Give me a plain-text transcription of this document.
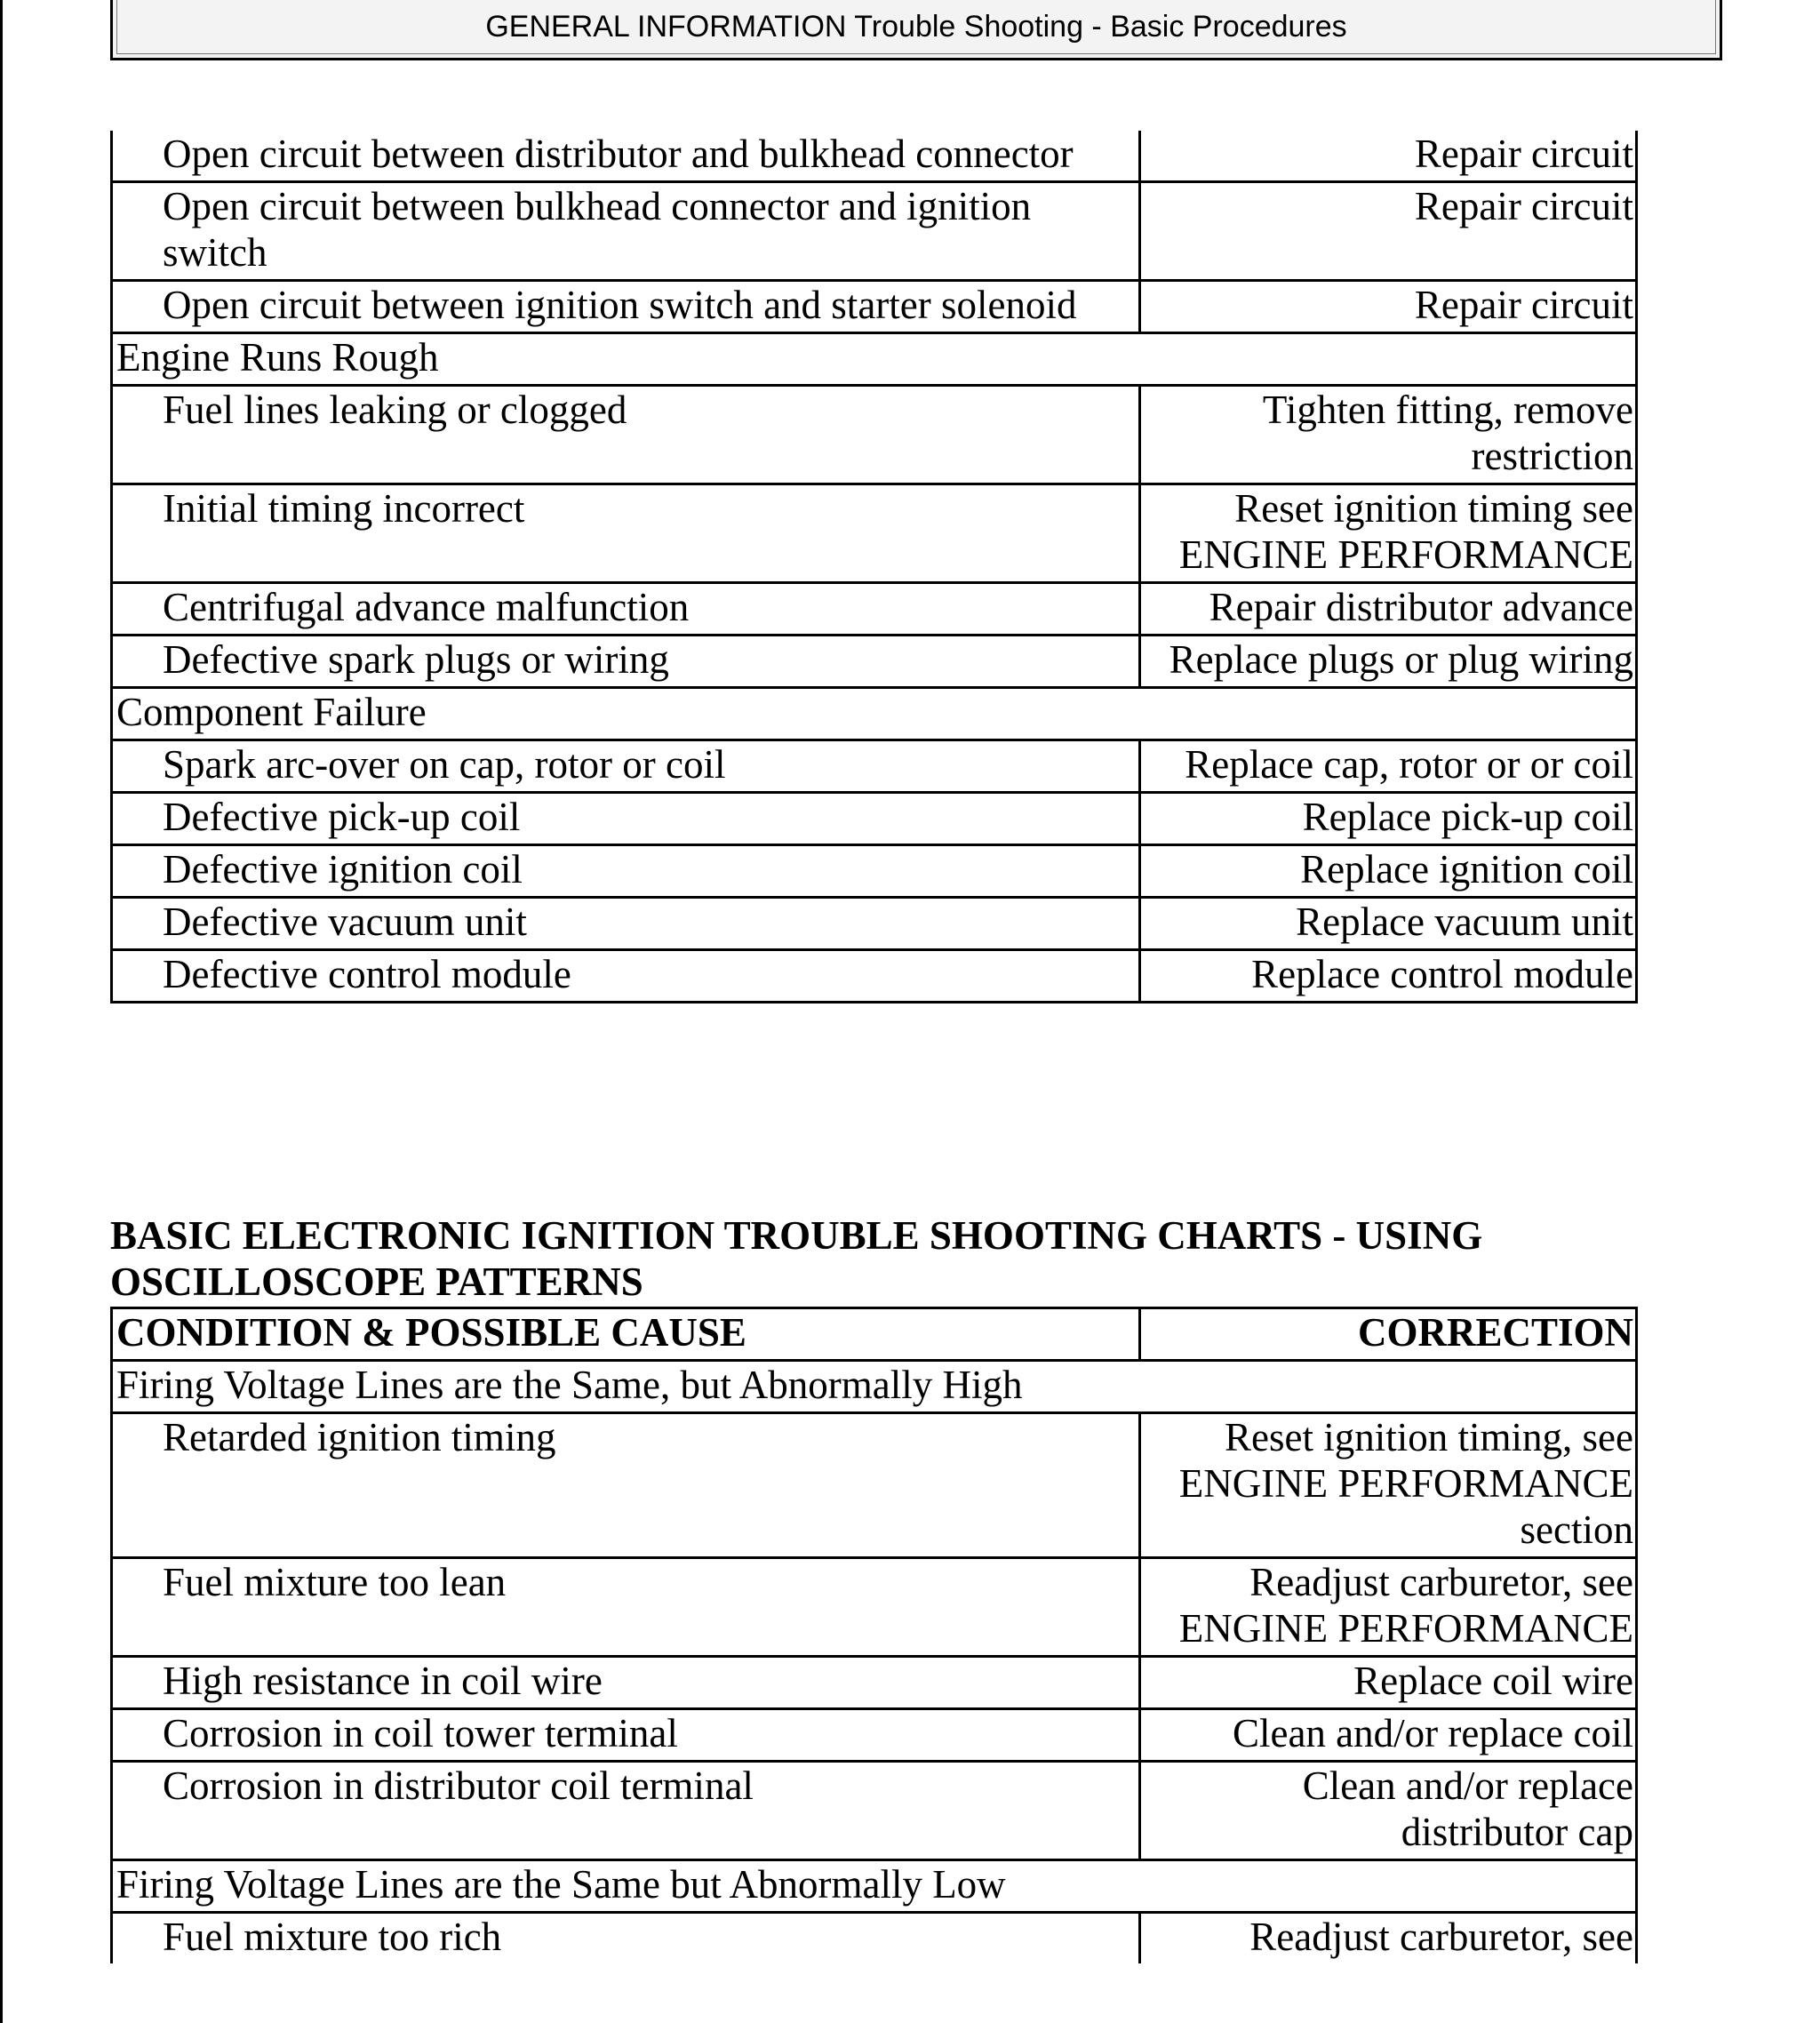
GENERAL INFORMATION Trouble Shooting - Basic Procedures
Open circuit between distributor and bulkhead connector	Repair circuit
Open circuit between bulkhead connector and ignition switch	Repair circuit
Open circuit between ignition switch and starter solenoid	Repair circuit
Engine Runs Rough	
Fuel lines leaking or clogged	Tighten fitting, remove restriction
Initial timing incorrect	Reset ignition timing see ENGINE PERFORMANCE
Centrifugal advance malfunction	Repair distributor advance
Defective spark plugs or wiring	Replace plugs or plug wiring
Component Failure	
Spark arc-over on cap, rotor or coil	Replace cap, rotor or or coil
Defective pick-up coil	Replace pick-up coil
Defective ignition coil	Replace ignition coil
Defective vacuum unit	Replace vacuum unit
Defective control module	Replace control module
BASIC ELECTRONIC IGNITION TROUBLE SHOOTING CHARTS - USING OSCILLOSCOPE PATTERNS
CONDITION & POSSIBLE CAUSE	CORRECTION
Firing Voltage Lines are the Same, but Abnormally High	
Retarded ignition timing	Reset ignition timing, see ENGINE PERFORMANCE section
Fuel mixture too lean	Readjust carburetor, see ENGINE PERFORMANCE
High resistance in coil wire	Replace coil wire
Corrosion in coil tower terminal	Clean and/or replace coil
Corrosion in distributor coil terminal	Clean and/or replace distributor cap
Firing Voltage Lines are the Same but Abnormally Low	
Fuel mixture too rich	Readjust carburetor, see
